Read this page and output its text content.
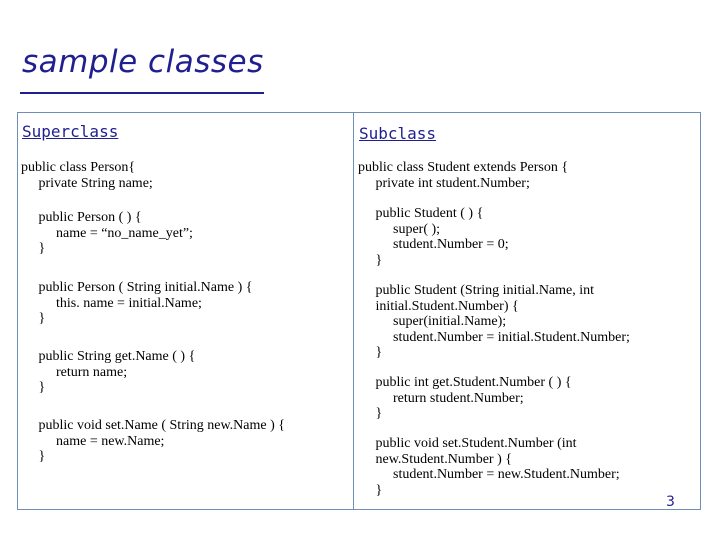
sample classes
Superclass
public class Person{
private String name;
public Person ( ) {
name = “no_name_yet”;
}
public Person ( String initial.Name ) {
this. name = initial.Name;
}
public String get.Name ( ) {
return name;
}
public void set.Name ( String new.Name ) {
name = new.Name;
}
Subclass
public class Student extends Person {
private int student.Number;
public Student ( ) {
super( );
student.Number = 0;
}
public Student (String initial.Name, int
initial.Student.Number) {
super(initial.Name);
student.Number = initial.Student.Number;
}
public int get.Student.Number ( ) {
return student.Number;
}
public void set.Student.Number (int
new.Student.Number ) {
student.Number = new.Student.Number;
}
3
